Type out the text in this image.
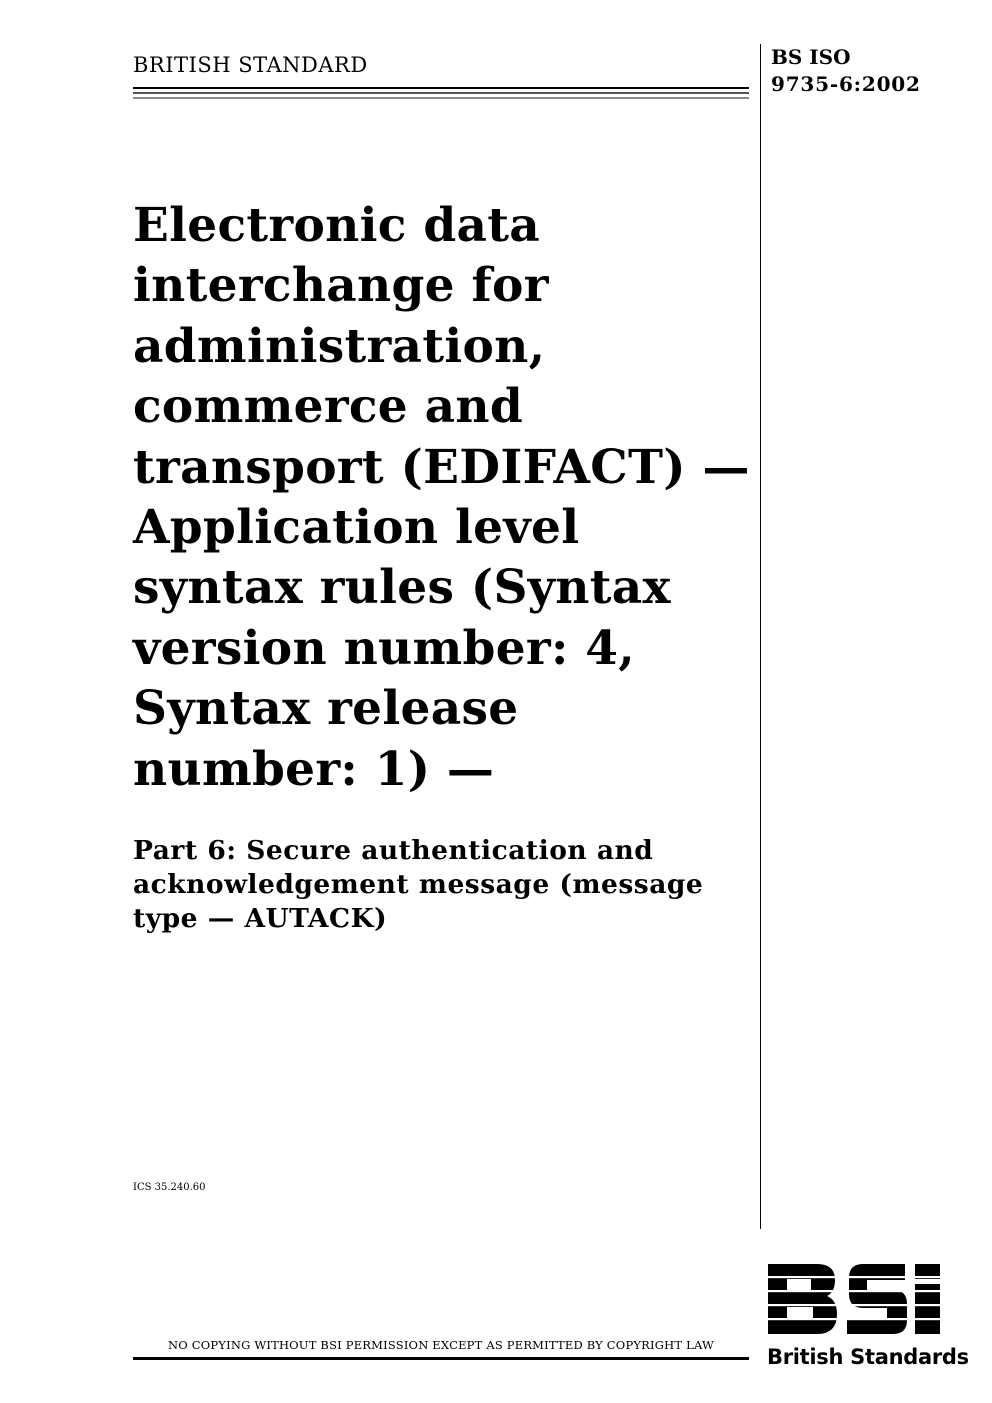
BRITISH STANDARD	BS ISO
9735-6:2002
Electronic data
interchange for
administration,
commerce and
transport (EDIFACT) —
Application level
syntax rules (Syntax
version number: 4,
Syntax release
number: 1) —
Part 6: Secure authentication and
acknowledgement message (message
type — AUTACK)
ICS 35.240.60
NO COPYING WITHOUT BSI PERMISSION EXCEPT AS PERMITTED BY COPYRIGHT LAW	British Standards
